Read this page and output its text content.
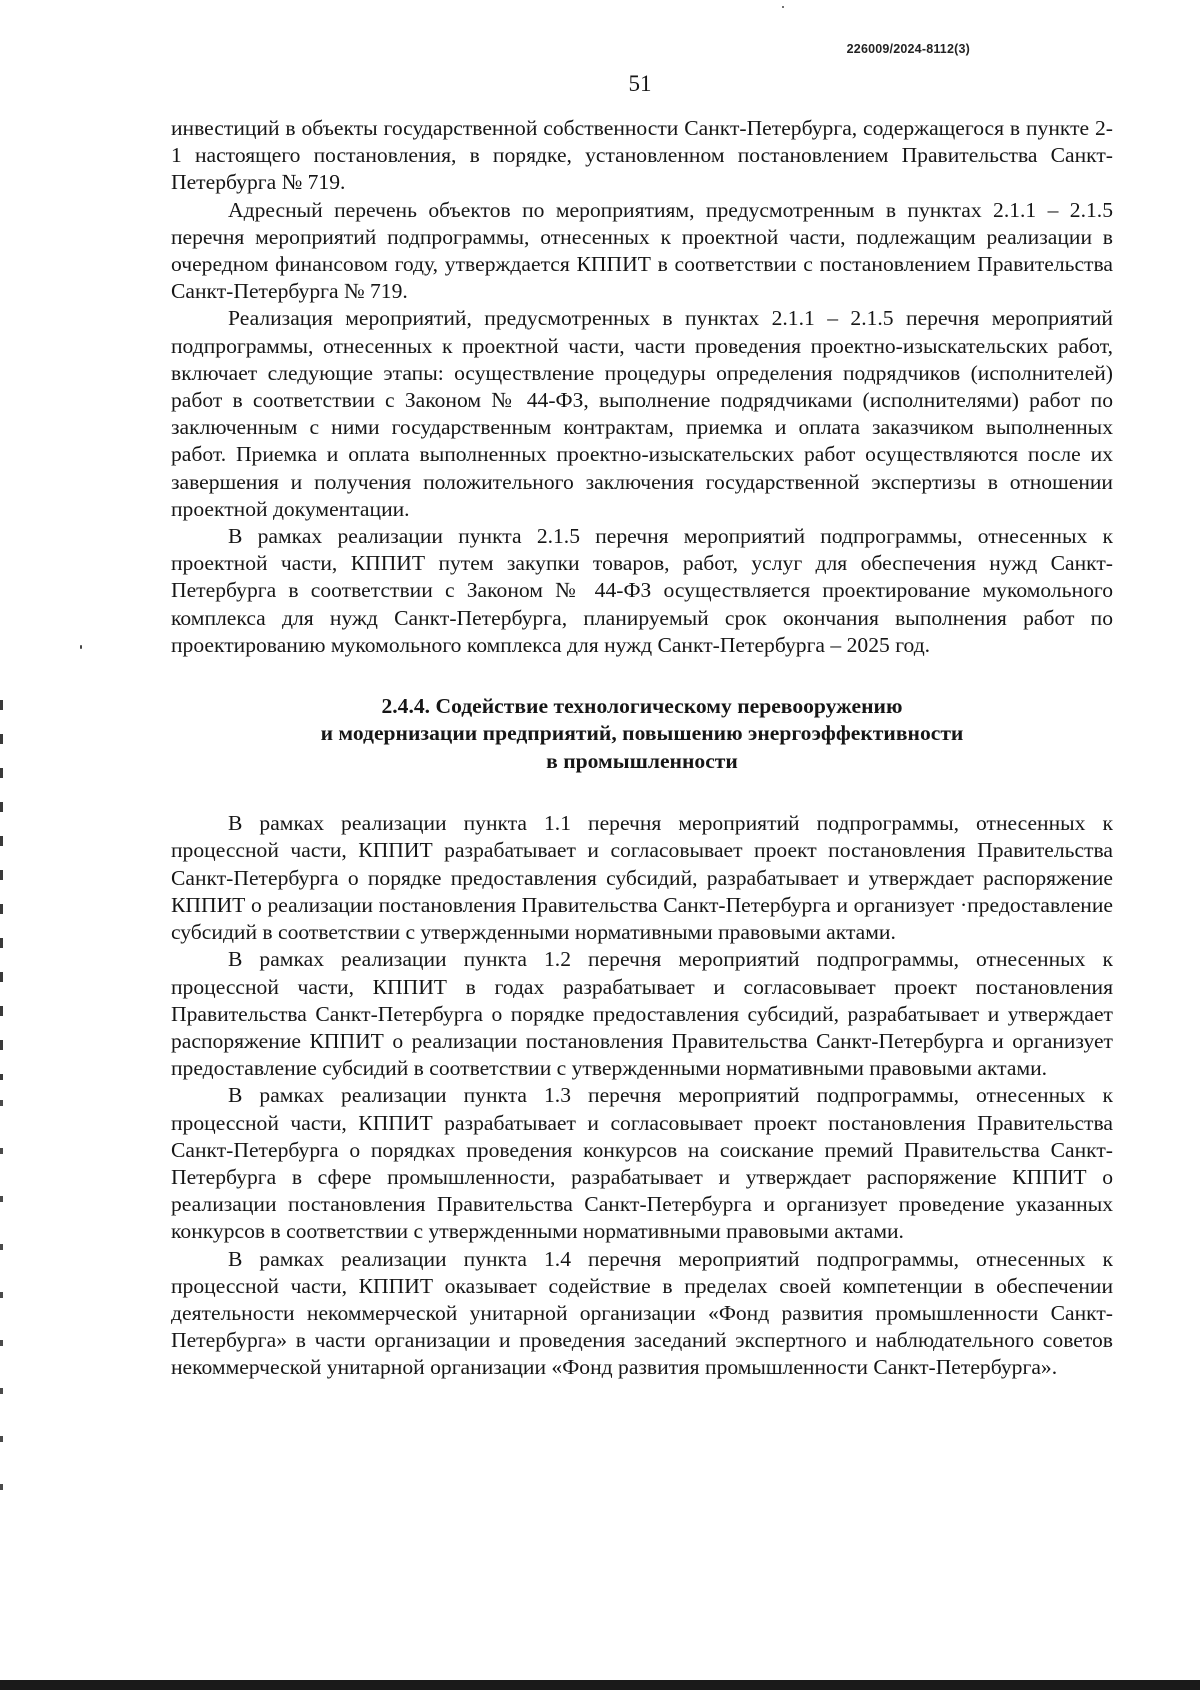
226009/2024-8112(3)
51

инвестиций в объекты государственной собственности Санкт-Петербурга, содержащегося в пункте 2-1 настоящего постановления, в порядке, установленном постановлением Правительства Санкт-Петербурга № 719.

Адресный перечень объектов по мероприятиям, предусмотренным в пунктах 2.1.1 – 2.1.5 перечня мероприятий подпрограммы, отнесенных к проектной части, подлежащим реализации в очередном финансовом году, утверждается КППИТ в соответствии с постановлением Правительства Санкт-Петербурга № 719.

Реализация мероприятий, предусмотренных в пунктах 2.1.1 – 2.1.5 перечня мероприятий подпрограммы, отнесенных к проектной части, части проведения проектно-изыскательских работ, включает следующие этапы: осуществление процедуры определения подрядчиков (исполнителей) работ в соответствии с Законом № 44-ФЗ, выполнение подрядчиками (исполнителями) работ по заключенным с ними государственным контрактам, приемка и оплата заказчиком выполненных работ. Приемка и оплата выполненных проектно-изыскательских работ осуществляются после их завершения и получения положительного заключения государственной экспертизы в отношении проектной документации.

В рамках реализации пункта 2.1.5 перечня мероприятий подпрограммы, отнесенных к проектной части, КППИТ путем закупки товаров, работ, услуг для обеспечения нужд Санкт-Петербурга в соответствии с Законом № 44-ФЗ осуществляется проектирование мукомольного комплекса для нужд Санкт-Петербурга, планируемый срок окончания выполнения работ по проектированию мукомольного комплекса для нужд Санкт-Петербурга – 2025 год.

2.4.4. Содействие технологическому перевооружению
и модернизации предприятий, повышению энергоэффективности
в промышленности

В рамках реализации пункта 1.1 перечня мероприятий подпрограммы, отнесенных к процессной части, КППИТ разрабатывает и согласовывает проект постановления Правительства Санкт-Петербурга о порядке предоставления субсидий, разрабатывает и утверждает распоряжение КППИТ о реализации постановления Правительства Санкт-Петербурга и организует ·предоставление субсидий в соответствии с утвержденными нормативными правовыми актами.

В рамках реализации пункта 1.2 перечня мероприятий подпрограммы, отнесенных к процессной части, КППИТ в годах разрабатывает и согласовывает проект постановления Правительства Санкт-Петербурга о порядке предоставления субсидий, разрабатывает и утверждает распоряжение КППИТ о реализации постановления Правительства Санкт-Петербурга и организует предоставление субсидий в соответствии с утвержденными нормативными правовыми актами.

В рамках реализации пункта 1.3 перечня мероприятий подпрограммы, отнесенных к процессной части, КППИТ разрабатывает и согласовывает проект постановления Правительства Санкт-Петербурга о порядках проведения конкурсов на соискание премий Правительства Санкт-Петербурга в сфере промышленности, разрабатывает и утверждает распоряжение КППИТ о реализации постановления Правительства Санкт-Петербурга и организует проведение указанных конкурсов в соответствии с утвержденными нормативными правовыми актами.

В рамках реализации пункта 1.4 перечня мероприятий подпрограммы, отнесенных к процессной части, КППИТ оказывает содействие в пределах своей компетенции в обеспечении деятельности некоммерческой унитарной организации «Фонд развития промышленности Санкт-Петербурга» в части организации и проведения заседаний экспертного и наблюдательного советов некоммерческой унитарной организации «Фонд развития промышленности Санкт-Петербурга».
